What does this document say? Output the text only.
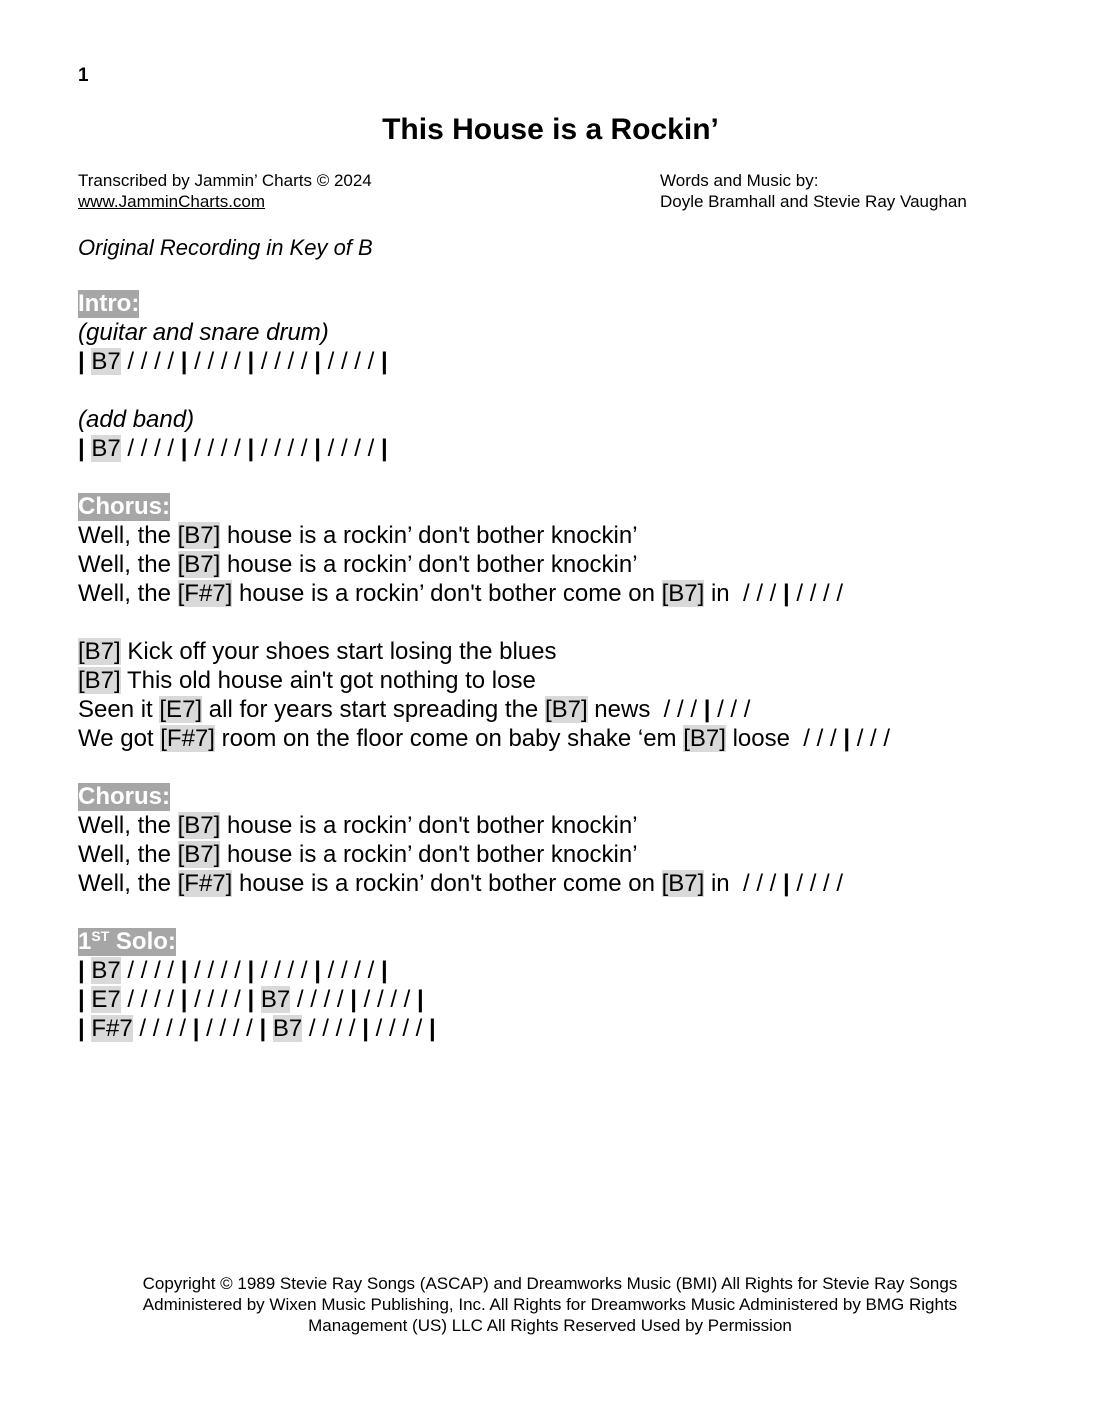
1
This House is a Rockin’
Transcribed by Jammin’ Charts © 2024
www.JamminCharts.com
Words and Music by:
Doyle Bramhall and Stevie Ray Vaughan
Original Recording in Key of B
Intro:
(guitar and snare drum)
| B7 / / / / | / / / / | / / / / | / / / / |
(add band)
| B7 / / / / | / / / / | / / / / | / / / / |
Chorus:
Well, the [B7] house is a rockin’ don't bother knockin’
Well, the [B7] house is a rockin’ don't bother knockin’
Well, the [F#7] house is a rockin’ don't bother come on [B7] in  / / / | / / / /
[B7] Kick off your shoes start losing the blues
[B7] This old house ain't got nothing to lose
Seen it [E7] all for years start spreading the [B7] news  / / / | / / /
We got [F#7] room on the floor come on baby shake ‘em [B7] loose  / / / | / / /
Chorus:
Well, the [B7] house is a rockin’ don't bother knockin’
Well, the [B7] house is a rockin’ don't bother knockin’
Well, the [F#7] house is a rockin’ don't bother come on [B7] in  / / / | / / / /
1ST Solo:
| B7 / / / / | / / / / | / / / / | / / / / |
| E7 / / / / | / / / / | B7 / / / / | / / / / |
| F#7 / / / / | / / / / | B7 / / / / | / / / / |
Copyright © 1989 Stevie Ray Songs (ASCAP) and Dreamworks Music (BMI) All Rights for Stevie Ray Songs
Administered by Wixen Music Publishing, Inc. All Rights for Dreamworks Music Administered by BMG Rights
Management (US) LLC All Rights Reserved Used by Permission
